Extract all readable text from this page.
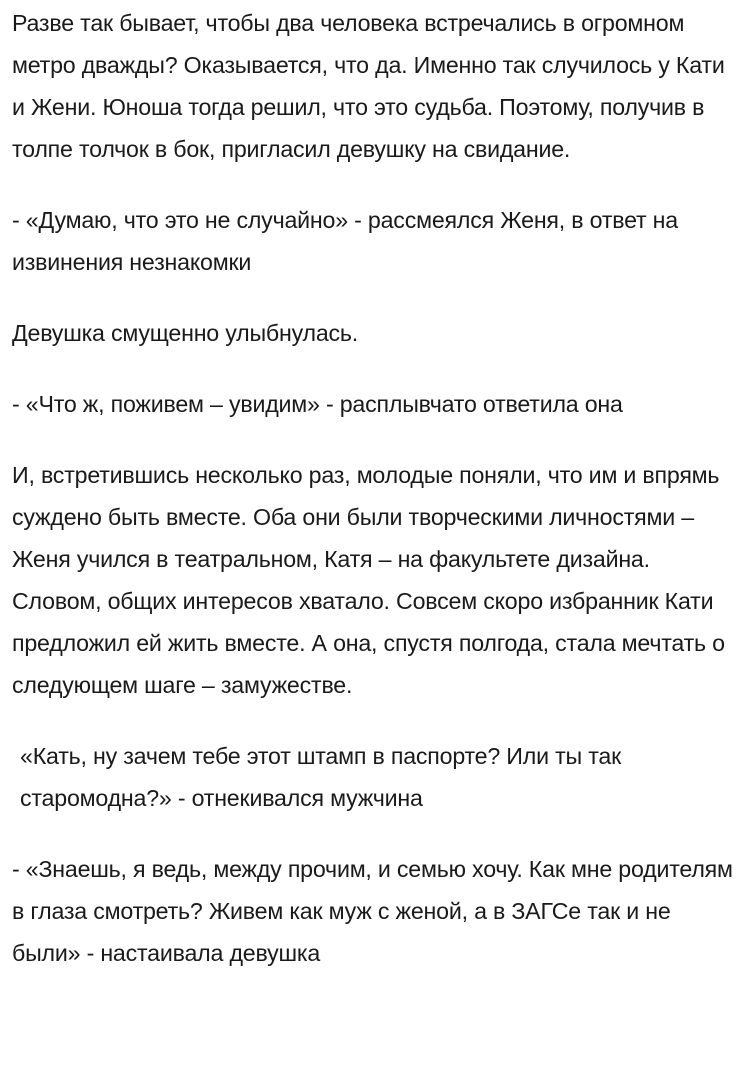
Разве так бывает, чтобы два человека встречались в огромном метро дважды? Оказывается, что да. Именно так случилось у Кати и Жени. Юноша тогда решил, что это судьба. Поэтому, получив в толпе толчок в бок, пригласил девушку на свидание.

- «Думаю, что это не случайно» - рассмеялся Женя, в ответ на извинения незнакомки

Девушка смущенно улыбнулась.

- «Что ж, поживем – увидим» - расплывчато ответила она

И, встретившись несколько раз, молодые поняли, что им и впрямь суждено быть вместе. Оба они были творческими личностями – Женя учился в театральном, Катя – на факультете дизайна. Словом, общих интересов хватало. Совсем скоро избранник Кати предложил ей жить вместе. А она, спустя полгода, стала мечтать о следующем шаге – замужестве.

«Кать, ну зачем тебе этот штамп в паспорте? Или ты так старомодна?» - отнекивался мужчина

- «Знаешь, я ведь, между прочим, и семью хочу. Как мне родителям в глаза смотреть? Живем как муж с женой, а в ЗАГСе так и не были» - настаивала девушка
